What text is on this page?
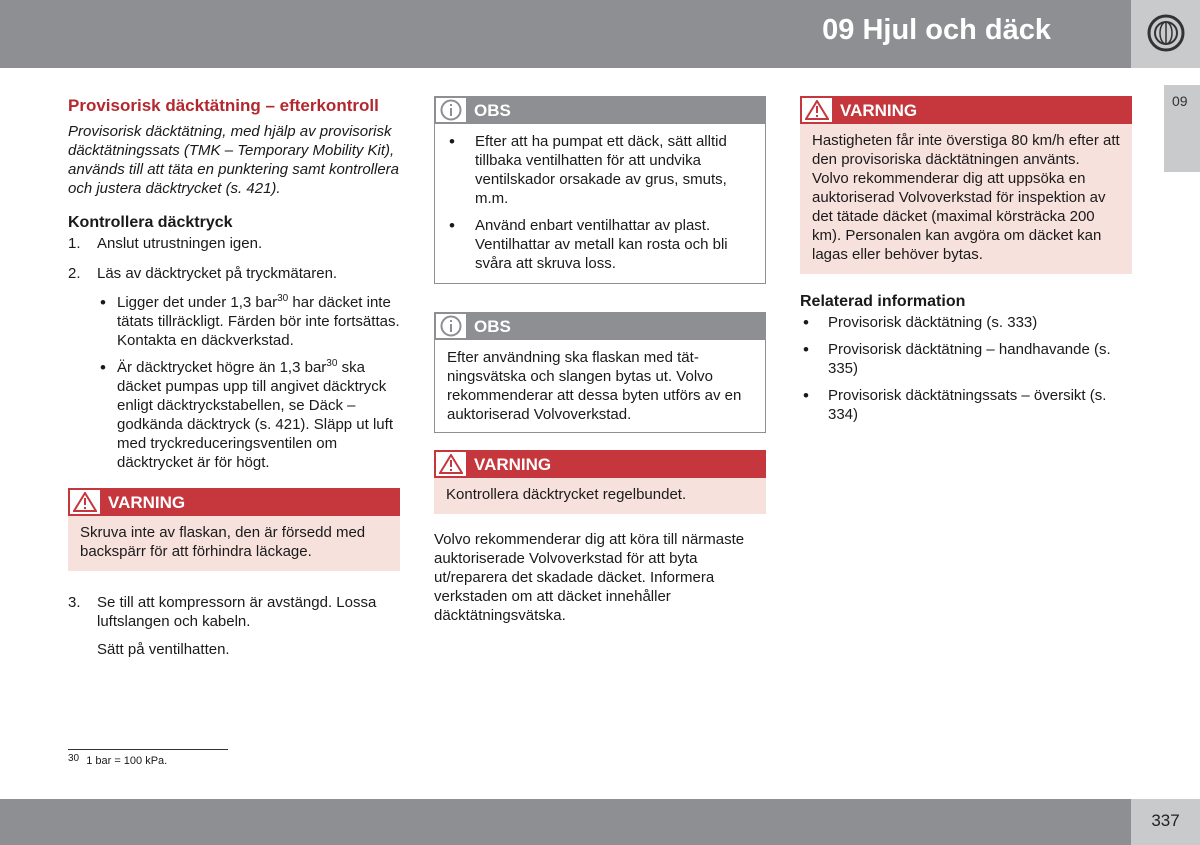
09 Hjul och däck
09
Provisorisk däcktätning – efterkontroll
Provisorisk däcktätning, med hjälp av provisorisk däcktätningssats (TMK – Temporary Mobility Kit), används till att täta en punktering samt kontrollera och justera däcktrycket (s. 421).
Kontrollera däcktryck
1. Anslut utrustningen igen.
2. Läs av däcktrycket på tryckmätaren.
• Ligger det under 1,3 bar$^{30}$ har däcket inte tätats tillräckligt. Färden bör inte fortsättas. Kontakta en däckverkstad.
• Är däcktrycket högre än 1,3 bar$^{30}$ ska däcket pumpas upp till angivet däcktryck enligt däcktryckstabellen, se Däck – godkända däcktryck (s. 421). Släpp ut luft med tryckreduceringsventilen om däcktrycket är för högt.
VARNING
Skruva inte av flaskan, den är försedd med backspärr för att förhindra läckage.
3. Se till att kompressorn är avstängd. Lossa luftslangen och kabeln.
Sätt på ventilhatten.
OBS
• Efter att ha pumpat ett däck, sätt alltid tillbaka ventilhatten för att undvika ventilskador orsakade av grus, smuts, m.m.
• Använd enbart ventilhattar av plast. Ventilhattar av metall kan rosta och bli svåra att skruva loss.
OBS
Efter användning ska flaskan med tätningsvätska och slangen bytas ut. Volvo rekommenderar att dessa byten utförs av en auktoriserad Volvoverkstad.
VARNING
Kontrollera däcktrycket regelbundet.
Volvo rekommenderar dig att köra till närmaste auktoriserade Volvoverkstad för att byta ut/reparera det skadade däcket. Informera verkstaden om att däcket innehåller däcktätningsvätska.
VARNING
Hastigheten får inte överstiga 80 km/h efter att den provisoriska däcktätningen använts. Volvo rekommenderar dig att uppsöka en auktoriserad Volvoverkstad för inspektion av det tätade däcket (maximal körsträcka 200 km). Personalen kan avgöra om däcket kan lagas eller behöver bytas.
Relaterad information
• Provisorisk däcktätning (s. 333)
• Provisorisk däcktätning – handhavande (s. 335)
• Provisorisk däcktätningssats – översikt (s. 334)
$^{30}$ 1 bar = 100 kPa.
337
